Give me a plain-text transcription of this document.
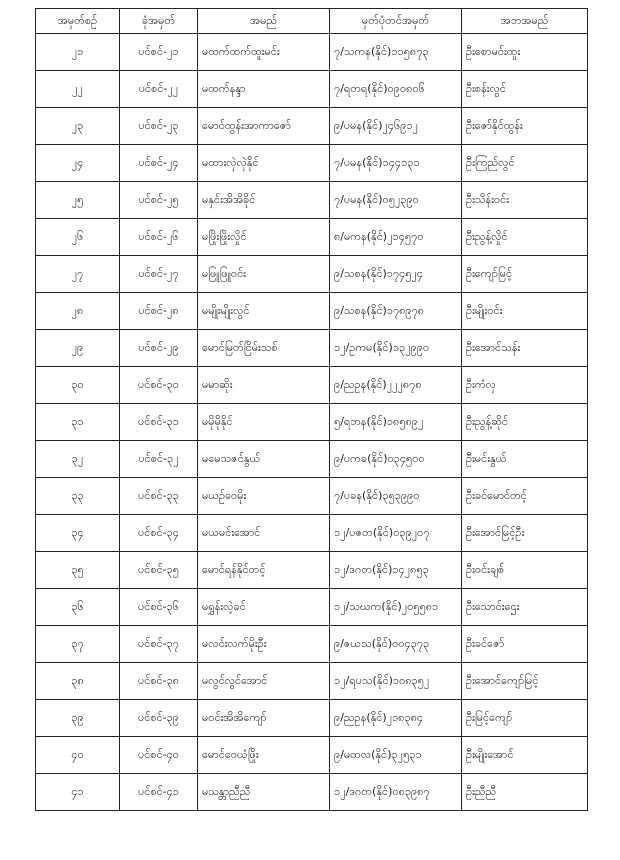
အမှတ်စဉ်	ခုံအမှတ်	အမည်	မှတ်ပုံတင်အမှတ်	အဘအမည်
၂၁	ပင်စင်-၂၁	မထက်ထက်ထူးမင်း	၇/သကန(နိုင်)၁၁၅၈၇၃	ဦးစောမင်းထူး
၂၂	ပင်စင်-၂၂	မထက်နန္ဒာ	၇/ရတရ(နိုင်)၀၉၀၈၀၆	ဦးစန်းလွင်
၂၃	ပင်စင်-၂၃	မောင်ထွန်းအာကာဇော်	၉/ပမန(နိုင်)၂၄၆၉၁၂	ဦးဇော်နိုင်ထွန်း
၂၄	ပင်စင်-၂၄	မထားလှဲလှဲနိုင်	၇/ပမန(နိုင်)၁၄၄၁၃၁	ဦးကြည်လွင်
၂၅	ပင်စင်-၂၅	မနှင်းအိအိခိုင်	၇/ပမန(နိုင်)၀၅၂၃၉၀	ဦးသိန်းဝင်း
၂၆	ပင်စင်-၂၆	မဖြိုးဖြိုးလှိုင်	၈/မကန(နိုင်)၂၁၄၅၇၀	ဦးညွန့်လှိုင်
၂၇	ပင်စင်-၂၇	မဖြူဖြူဝင်း	၉/သစန(နိုင်)၁၇၄၅၂၄	ဦးကျော်မြင့်
၂၈	ပင်စင်-၂၈	မမျိုးမျိုးလွင်	၉/သစန(နိုင်)၁၇၈၉၇၈	ဦးမျိုးဝင်း
၂၉	ပင်စင်-၂၉	မောင်မြတ်ငြိမ်းသစ်	၁၂/ဥကမ(နိုင်)၁၃၂၉၉၀	ဦးအောင်သန်း
၃၀	ပင်စင်-၃၀	မမာဆိုး	၉/ညဥန(နိုင်)၂၂၂၈၇၈	ဦးကံလှ
၃၁	ပင်စင်-၃၁	မမိုမိုနိုင်	၅/ရဘန(နိုင်)၁၈၅၈၉၂	ဦးညွန့်ဆိုင်
၃၂	ပင်စင်-၃၂	မမေသဇင်နွယ်	၉/ပကခ(နိုင်)၀၃၄၅၀၀	ဦးမင်းနွယ်
၃၃	ပင်စင်-၃၃	မယဉ်ဝေမိုး	၇/ပခန(နိုင်)၃၅၃၉၉၀	ဦးခင်မောင်တင့်
၃၄	ပင်စင်-၃၄	မယမင်းအောင်	၁၂/ပဇတ(နိုင်)၀၃၉၂၀၇	ဦးအောင်မြင့်ဦး
၃၅	ပင်စင်-၃၅	မောင်ရန်နိုင်တင့်	၁၂/ဒဂတ(နိုင်)၁၄၂၈၅၃	ဦးဝင်းချစ်
၃၆	ပင်စင်-၃၆	မရွှန်းလဲ့ခင်	၁၂/သဃက(နိုင်)၂၀၅၅၈၁	ဦးသောင်းဌေး
၃၇	ပင်စင်-၃၇	မလင်းလက်မိုးဦး	၉/ဇယသ(နိုင်)၀၀၄၃၇၃	ဦးခင်ဇော်
၃၈	ပင်စင်-၃၈	မလွင်လွင်အောင်	၁၂/ရပသ(နိုင်)၁၀၈၃၅၂	ဦးအောင်ကျော်မြင့်
၃၉	ပင်စင်-၃၉	မဝင်းအိအိကျော်	၉/ညဥန(နိုင်)၂၁၈၃၈၄	ဦးမြင့်ကျော်
၄၀	ပင်စင်-၄၀	မောင်ဝေယံဖြိုး	၉/မထလ(နိုင်)၃၂၅၃၁	ဦးမျိုးအောင်
၄၁	ပင်စင်-၄၁	မသန္တာညီညီ	၁၂/ဒဂတ(နိုင်)၀၈၃၉၈၇	ဦးညီညီ
